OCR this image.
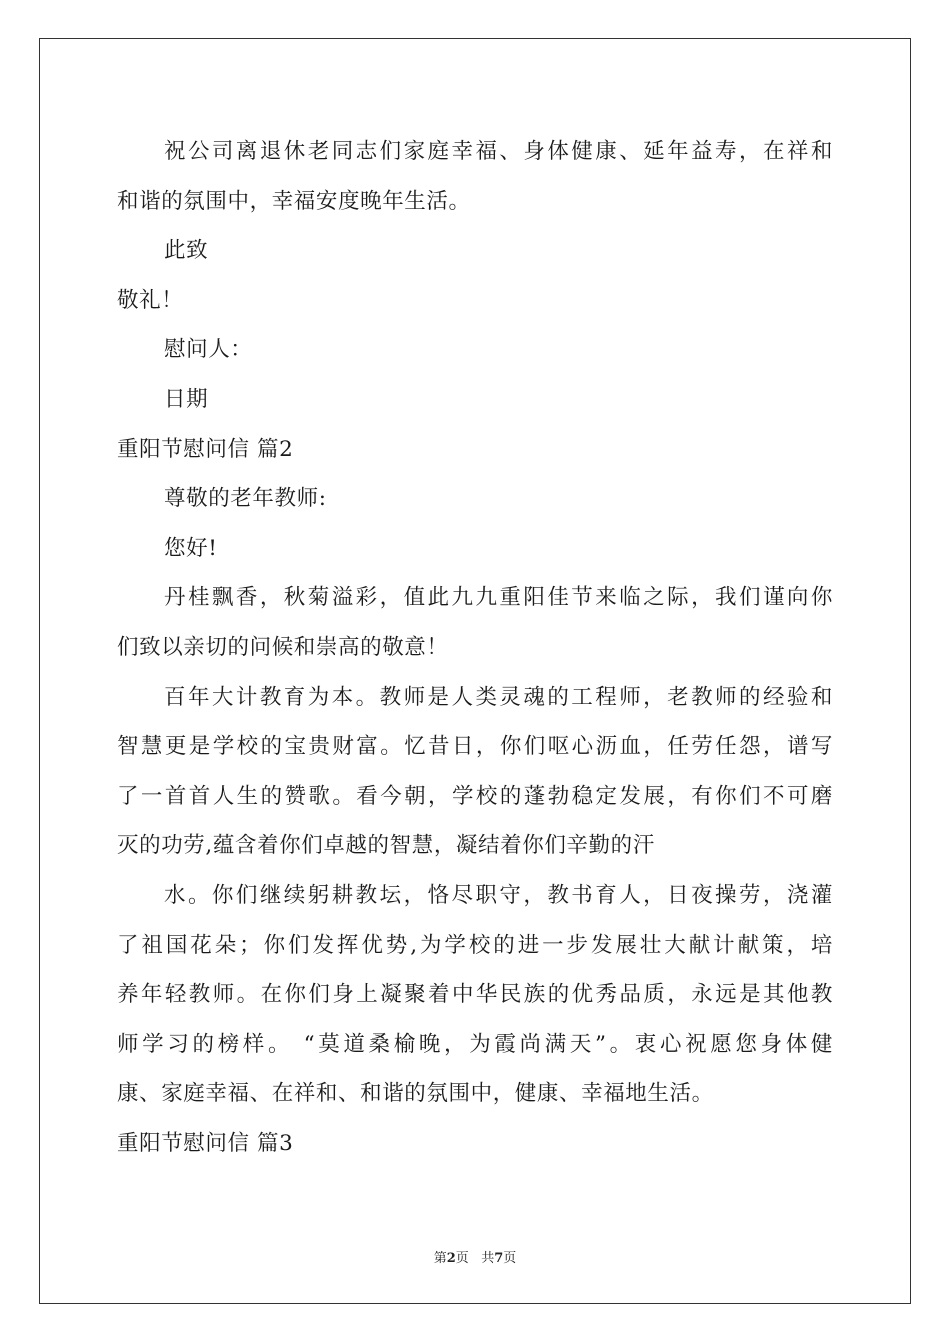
祝公司离退休老同志们家庭幸福、身体健康、延年益寿，在祥和
和谐的氛围中，幸福安度晚年生活。
此致
敬礼！
慰问人：
日期
重阳节慰问信 篇2
尊敬的老年教师:
您好!
丹桂飘香，秋菊溢彩，值此九九重阳佳节来临之际，我们谨向你
们致以亲切的问候和崇高的敬意！
百年大计教育为本。教师是人类灵魂的工程师，老教师的经验和
智慧更是学校的宝贵财富。忆昔日，你们呕心沥血，任劳任怨，谱写
了一首首人生的赞歌。看今朝，学校的蓬勃稳定发展，有你们不可磨
灭的功劳,蕴含着你们卓越的智慧，凝结着你们辛勤的汗
水。你们继续躬耕教坛，恪尽职守，教书育人，日夜操劳，浇灌
了祖国花朵；你们发挥优势,为学校的进一步发展壮大献计献策，培
养年轻教师。在你们身上凝聚着中华民族的优秀品质，永远是其他教
师学习的榜样。 “莫道桑榆晚，为霞尚满天”。衷心祝愿您身体健
康、家庭幸福、在祥和、和谐的氛围中，健康、幸福地生活。
重阳节慰问信 篇3
第2页 共7页
